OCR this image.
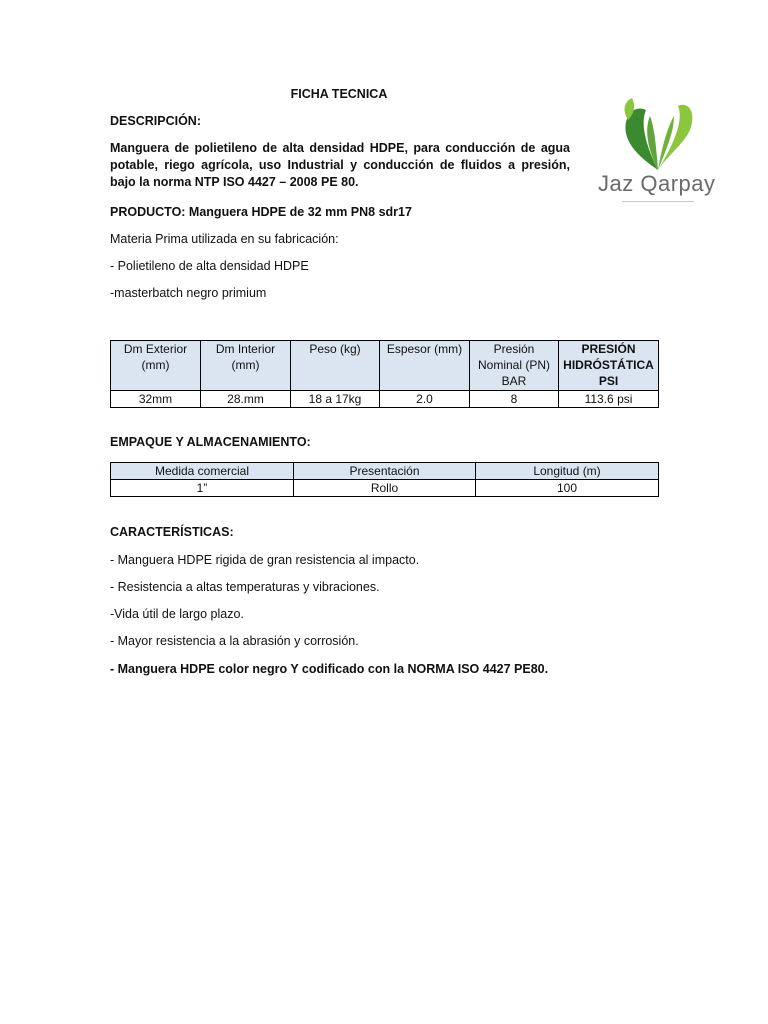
FICHA TECNICA
Jaz Qarpay
DESCRIPCIÓN:
Manguera de polietileno de alta densidad HDPE, para conducción de agua potable, riego agrícola, uso Industrial y conducción de fluidos a presión, bajo la norma NTP ISO 4427 – 2008 PE 80.
PRODUCTO: Manguera HDPE de 32 mm PN8 sdr17
Materia Prima utilizada en su fabricación:
- Polietileno de alta densidad HDPE
-masterbatch negro primium
Dm Exterior (mm)	Dm Interior (mm)	Peso (kg)	Espesor (mm)	Presión Nominal (PN) BAR	PRESIÓN HIDRÓSTÁTICA PSI
32mm	28.mm	18 a 17kg	2.0	8	113.6 psi
EMPAQUE Y ALMACENAMIENTO:
Medida comercial	Presentación	Longitud (m)
1”	Rollo	100
CARACTERÍSTICAS:
- Manguera HDPE rigida de gran resistencia al impacto.
- Resistencia a altas temperaturas y vibraciones.
-Vida útil de largo plazo.
- Mayor resistencia a la abrasión y corrosión.
- Manguera HDPE color negro Y codificado con la NORMA ISO 4427 PE80.
